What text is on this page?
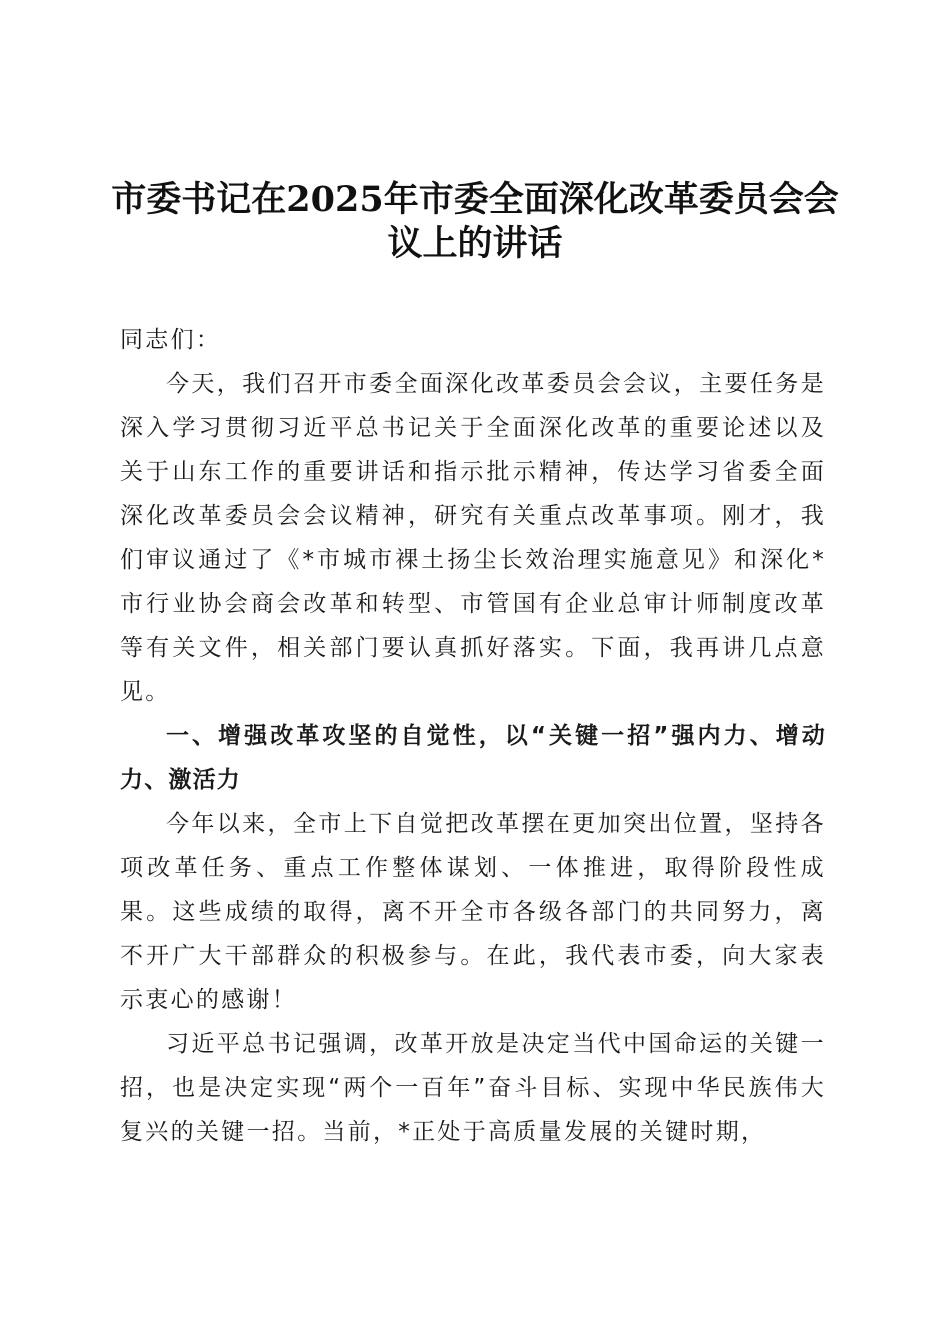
市委书记在2025年市委全面深化改革委员会会议上的讲话

同志们：

今天，我们召开市委全面深化改革委员会会议，主要任务是深入学习贯彻习近平总书记关于全面深化改革的重要论述以及关于山东工作的重要讲话和指示批示精神，传达学习省委全面深化改革委员会会议精神，研究有关重点改革事项。刚才，我们审议通过了《*市城市裸土扬尘长效治理实施意见》和深化*市行业协会商会改革和转型、市管国有企业总审计师制度改革等有关文件，相关部门要认真抓好落实。下面，我再讲几点意见。

一、增强改革攻坚的自觉性，以“关键一招”强内力、增动力、激活力

今年以来，全市上下自觉把改革摆在更加突出位置，坚持各项改革任务、重点工作整体谋划、一体推进，取得阶段性成果。这些成绩的取得，离不开全市各级各部门的共同努力，离不开广大干部群众的积极参与。在此，我代表市委，向大家表示衷心的感谢！

习近平总书记强调，改革开放是决定当代中国命运的关键一招，也是决定实现“两个一百年”奋斗目标、实现中华民族伟大复兴的关键一招。当前，*正处于高质量发展的关键时期，
